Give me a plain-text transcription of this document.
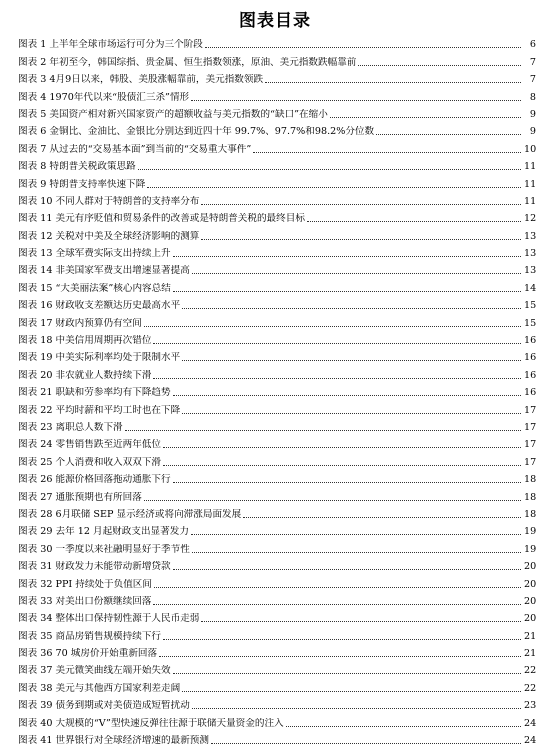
图表目录
图表 1 上半年全球市场运行可分为三个阶段	6
图表 2 年初至今，韩国综指、贵金属、恒生指数领涨，原油、美元指数跌幅靠前	7
图表 3 4月9日以来，韩股、美股涨幅靠前，美元指数领跌	7
图表 4 1970年代以来“股债汇三杀”情形	8
图表 5 美国资产相对新兴国家资产的超额收益与美元指数的“缺口”在缩小	9
图表 6 金铜比、金油比、金银比分别达到近四十年 99.7%、97.7%和98.2%分位数	9
图表 7 从过去的“交易基本面”到当前的“交易重大事件”	10
图表 8 特朗普关税政策思路	11
图表 9 特朗普支持率快速下降	11
图表 10 不同人群对于特朗普的支持率分布	11
图表 11 美元有序贬值和贸易条件的改善或是特朗普关税的最终目标	12
图表 12 关税对中美及全球经济影响的测算	13
图表 13 全球军费实际支出持续上升	13
图表 14 非美国家军费支出增速显著提高	13
图表 15 “大美丽法案”核心内容总结	14
图表 16 财政收支差额达历史最高水平	15
图表 17 财政内预算仍有空间	15
图表 18 中美信用周期再次错位	16
图表 19 中美实际利率均处于限制水平	16
图表 20 非农就业人数持续下滑	16
图表 21 职缺和劳参率均有下降趋势	16
图表 22 平均时薪和平均工时也在下降	17
图表 23 离职总人数下滑	17
图表 24 零售销售跌至近两年低位	17
图表 25 个人消费和收入双双下滑	17
图表 26 能源价格回落拖动通胀下行	18
图表 27 通胀预期也有所回落	18
图表 28 6月联储 SEP 显示经济或将向滞涨局面发展	18
图表 29 去年 12 月起财政支出显著发力	19
图表 30 一季度以来社融明显好于季节性	19
图表 31 财政发力未能带动新增贷款	20
图表 32 PPI 持续处于负值区间	20
图表 33 对美出口份额继续回落	20
图表 34 整体出口保持韧性源于人民币走弱	20
图表 35 商品房销售规模持续下行	21
图表 36 70 城房价开始重新回落	21
图表 37 美元微笑曲线左端开始失效	22
图表 38 美元与其他西方国家利差走阔	22
图表 39 债务到期或对美债造成短暂扰动	23
图表 40 大规模的“V”型快速反弹往往源于联储天量资金的注入	24
图表 41 世界银行对全球经济增速的最新预测	24
